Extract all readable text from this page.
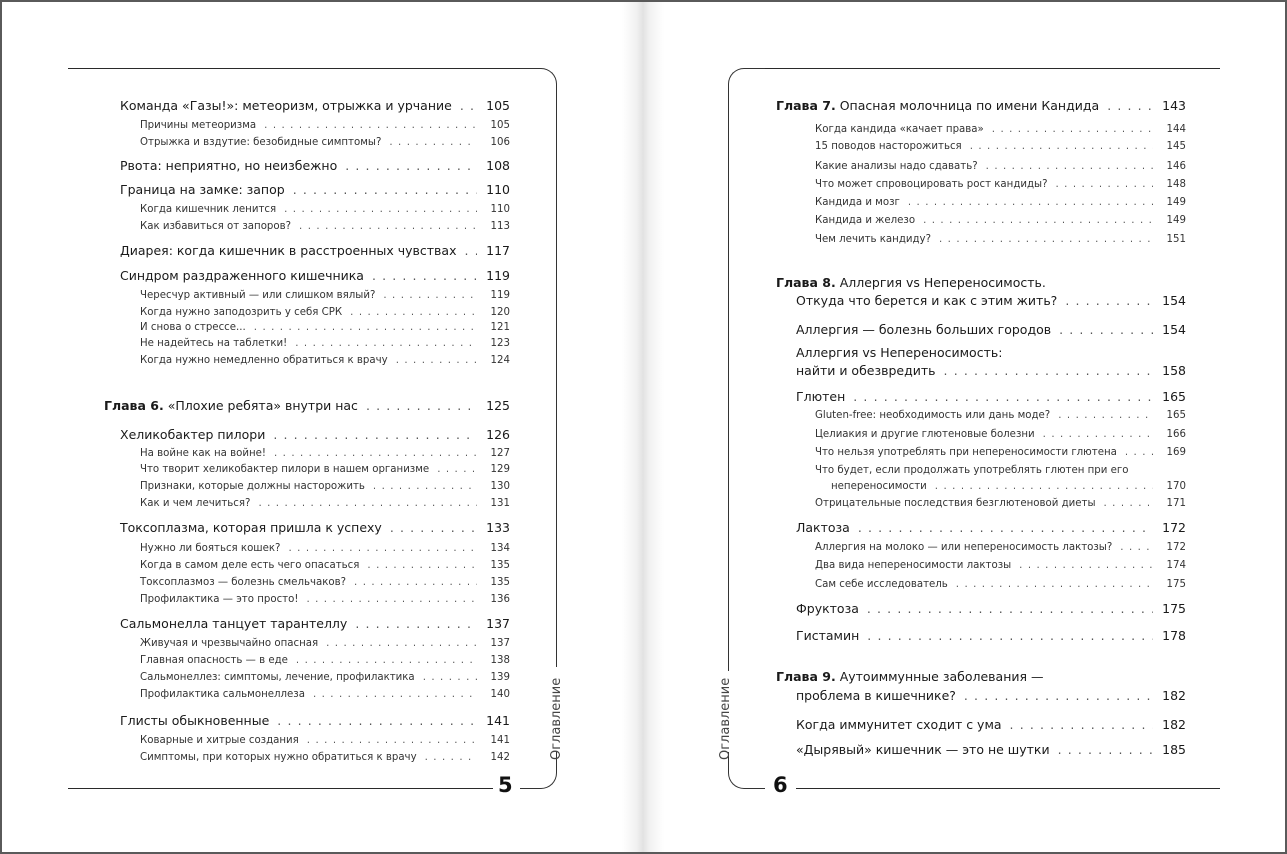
Оглавление
5
Оглавление
6
Команда «Газы!»: метеоризм, отрыжка и урчание . . .	105
Причины метеоризма . . .	105
Отрыжка и вздутие: безобидные симптомы? . . .	106
Рвота: неприятно, но неизбежно . . .	108
Граница на замке: запор . . .	110
Когда кишечник ленится . . .	110
Как избавиться от запоров? . . .	113
Диарея: когда кишечник в расстроенных чувствах . . .	117
Синдром раздраженного кишечника . . .	119
Чересчур активный — или слишком вялый? . . .	119
Когда нужно заподозрить у себя СРК . . .	120
И снова о стрессе... . . .	121
Не надейтесь на таблетки! . . .	123
Когда нужно немедленно обратиться к врачу . . .	124
Глава 6. «Плохие ребята» внутри нас . . .	125
Хеликобактер пилори . . .	126
На войне как на войне! . . .	127
Что творит хеликобактер пилори в нашем организме . . .	129
Признаки, которые должны насторожить . . .	130
Как и чем лечиться? . . .	131
Токсоплазма, которая пришла к успеху . . .	133
Нужно ли бояться кошек? . . .	134
Когда в самом деле есть чего опасаться . . .	135
Токсоплазмоз — болезнь смельчаков? . . .	135
Профилактика — это просто! . . .	136
Сальмонелла танцует тарантеллу . . .	137
Живучая и чрезвычайно опасная . . .	137
Главная опасность — в еде . . .	138
Сальмонеллез: симптомы, лечение, профилактика . . .	139
Профилактика сальмонеллеза . . .	140
Глисты обыкновенные . . .	141
Коварные и хитрые создания . . .	141
Симптомы, при которых нужно обратиться к врачу . . .	142
Глава 7. Опасная молочница по имени Кандида . . .	143
Когда кандида «качает права» . . .	144
15 поводов насторожиться . . .	145
Какие анализы надо сдавать? . . .	146
Что может спровоцировать рост кандиды? . . .	148
Кандида и мозг . . .	149
Кандида и железо . . .	149
Чем лечить кандиду? . . .	151
Глава 8. Аллергия vs Непереносимость.
Откуда что берется и как с этим жить? . . .	154
Аллергия — болезнь больших городов . . .	154
Аллергия vs Непереносимость:
найти и обезвредить . . .	158
Глютен . . .	165
Gluten-free: необходимость или дань моде? . . .	165
Целиакия и другие глютеновые болезни . . .	166
Что нельзя употреблять при непереносимости глютена . . .	169
Что будет, если продолжать употреблять глютен при его
непереносимости . . .	170
Отрицательные последствия безглютеновой диеты . . .	171
Лактоза . . .	172
Аллергия на молоко — или непереносимость лактозы? . . .	172
Два вида непереносимости лактозы . . .	174
Сам себе исследователь . . .	175
Фруктоза . . .	175
Гистамин . . .	178
Глава 9. Аутоиммунные заболевания —
проблема в кишечнике? . . .	182
Когда иммунитет сходит с ума . . .	182
«Дырявый» кишечник — это не шутки . . .	185
